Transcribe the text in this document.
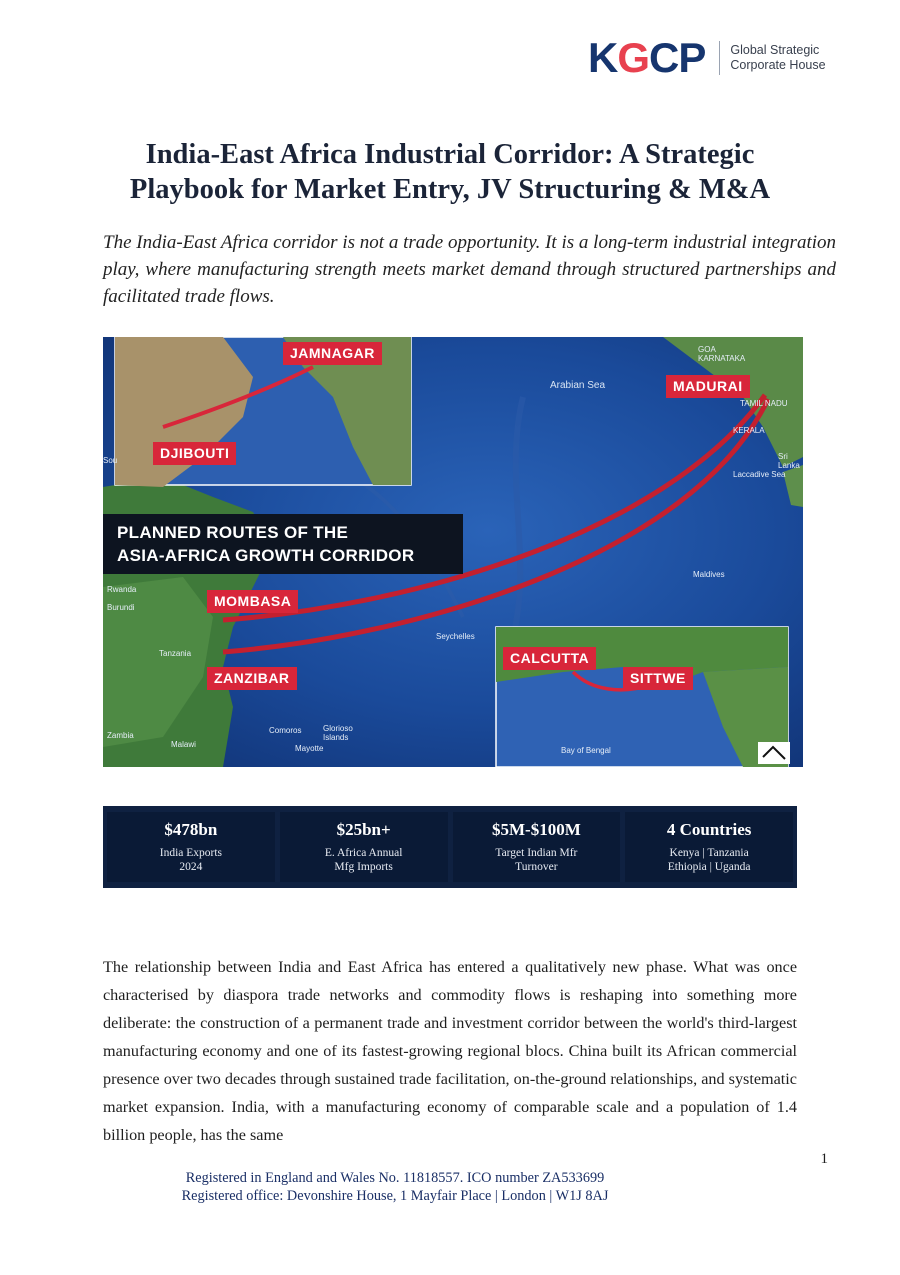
KGCP Global Strategic
Corporate House
India-East Africa Industrial Corridor: A Strategic
Playbook for Market Entry, JV Structuring & M&A

The India-East Africa corridor is not a trade opportunity. It is a long-term industrial integration play, where manufacturing strength meets market demand through structured partnerships and facilitated trade flows.

PLANNED ROUTES OF THE
ASIA-AFRICA GROWTH CORRIDOR
JAMNAGAR
DJIBOUTI
MADURAI
MOMBASA
ZANZIBAR
CALCUTTA
SITTWE
Arabian Sea
GOA
KARNATAKA
TAMIL NADU
KERALA
Sri Lanka
Laccadive Sea
Maldives
Seychelles
Rwanda
Burundi
Tanzania
Zambia
Malawi
Comoros	Glorioso Islands
Mayotte	Bay of Bengal
Sou
$478bn
India Exports
2024
$25bn+
E. Africa Annual
Mfg Imports
$5M-$100M
Target Indian Mfr
Turnover
4 Countries
Kenya | Tanzania
Ethiopia | Uganda

The relationship between India and East Africa has entered a qualitatively new phase. What was once characterised by diaspora trade networks and commodity flows is reshaping into something more deliberate: the construction of a permanent trade and investment corridor between the world's third-largest manufacturing economy and one of its fastest-growing regional blocs. China built its African commercial presence over two decades through sustained trade facilitation, on-the-ground relationships, and systematic market expansion. India, with a manufacturing economy of comparable scale and a population of 1.4 billion people, has the same

1
Registered in England and Wales No. 11818557. ICO number ZA533699
Registered office: Devonshire House, 1 Mayfair Place | London | W1J 8AJ
